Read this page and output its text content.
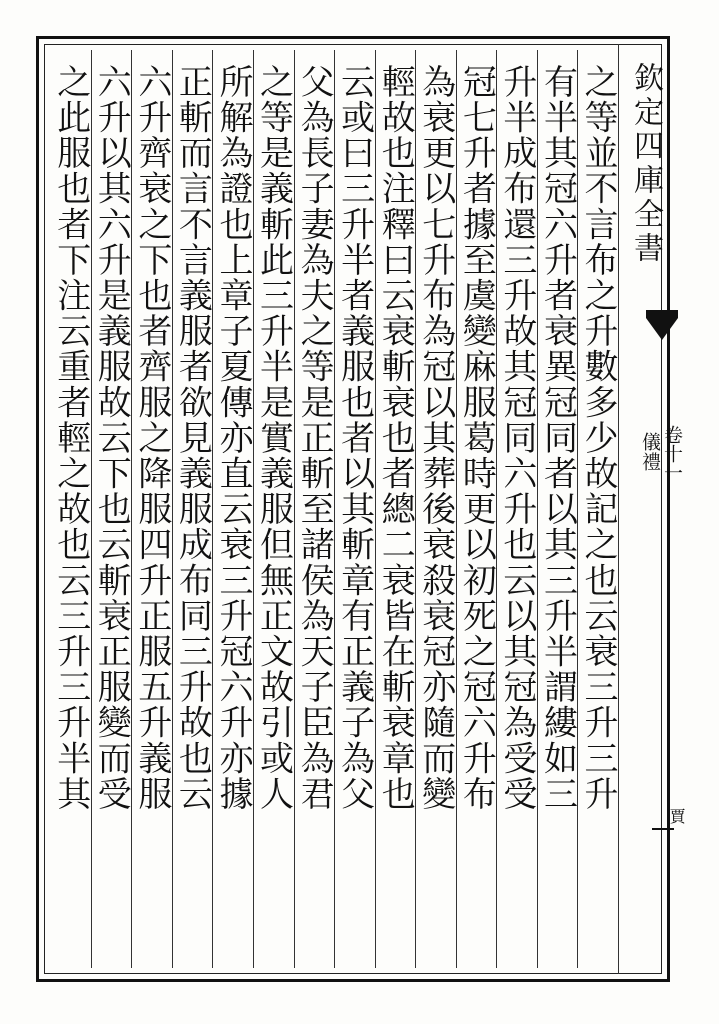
之等並不言布之升數多少故記之也云衰三升三升
有半其冠六升者衰異冠同者以其三升半謂縷如三
升半成布還三升故其冠同六升也云以其冠為受受
冠七升者據至虞變麻服葛時更以初死之冠六升布
為衰更以七升布為冠以其葬後衰殺衰冠亦隨而變
輕故也注釋曰云衰斬衰也者總二衰皆在斬衰章也
云或曰三升半者義服也者以其斬章有正義子為父
父為長子妻為夫之等是正斬至諸侯為天子臣為君
之等是義斬此三升半是實義服但無正文故引或人
所解為證也上章子夏傳亦直云衰三升冠六升亦據
正斬而言不言義服者欲見義服成布同三升故也云
六升齊衰之下也者齊服之降服四升正服五升義服
六升以其六升是義服故云下也云斬衰正服變而受
之此服也者下注云重者輕之故也云三升三升半其	欽定四庫全書
儀禮 卷十一
賈
